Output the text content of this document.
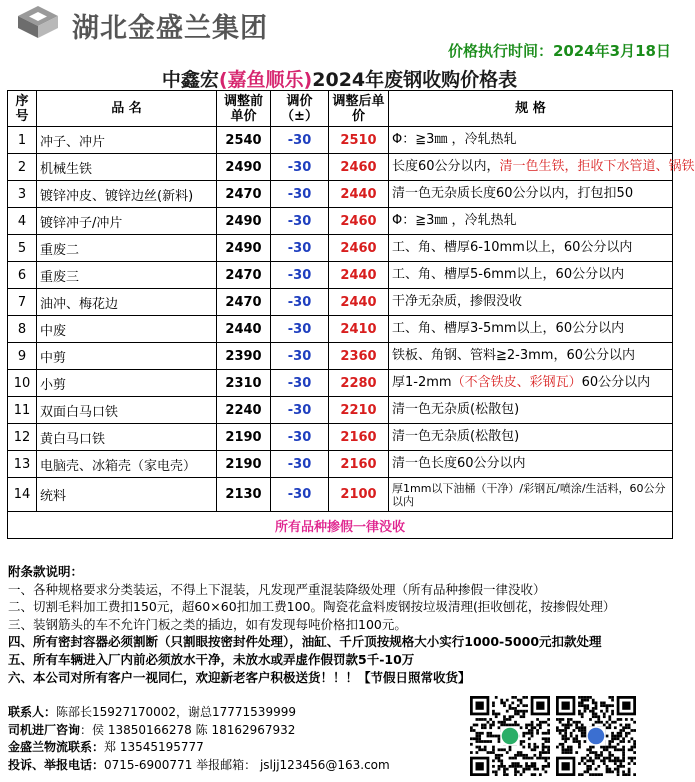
湖北金盛兰集团
价格执行时间：2024年3月18日
中鑫宏(嘉鱼顺乐)2024年废钢收购价格表
序号	品 名	调整前单价	调价（±）	调整后单价	规 格
1	冲子、冲片	2540	-30	2510	Φ：≧3㎜ ，冷轧热轧
2	机械生铁	2490	-30	2460	长度60公分以内，清一色生铁，拒收下水管道、锅铁
3	镀锌冲皮、镀锌边丝(新料)	2470	-30	2440	清一色无杂质长度60公分以内，打包扣50
4	镀锌冲子/冲片	2490	-30	2460	Φ：≧3㎜ ，冷轧热轧
5	重废二	2490	-30	2460	工、角、槽厚6-10mm以上，60公分以内
6	重废三	2470	-30	2440	工、角、槽厚5-6mm以上，60公分以内
7	油冲、梅花边	2470	-30	2440	干净无杂质，掺假没收
8	中废	2440	-30	2410	工、角、槽厚3-5mm以上，60公分以内
9	中剪	2390	-30	2360	铁板、角钢、管料≧2-3mm，60公分以内
10	小剪	2310	-30	2280	厚1-2mm（不含铁皮、彩钢瓦）60公分以内
11	双面白马口铁	2240	-30	2210	清一色无杂质(松散包)
12	黄白马口铁	2190	-30	2160	清一色无杂质(松散包)
13	电脑壳、冰箱壳（家电壳）	2190	-30	2160	清一色长度60公分以内
14	统料	2130	-30	2100	厚1mm以下油桶（干净）/彩钢瓦/喷涂/生活料，60公分以内
所有品种掺假一律没收					
附条款说明：
一、各种规格要求分类装运，不得上下混装，凡发现严重混装降级处理（所有品种掺假一律没收）
二、切割毛料加工费扣150元，超60×60扣加工费100。陶瓷花盒料废钢按垃圾清理(拒收刨花，按掺假处理）
三、装钢筋头的车不允许门板之类的插边，如有发现每吨价格扣100元。
四、所有密封容器必须割断（只割眼按密封件处理），油缸、千斤顶按规格大小实行1000-5000元扣款处理
五、所有车辆进入厂内前必须放水干净，未放水或弄虚作假罚款5千-10万
六、本公司对所有客户一视同仁，欢迎新老客户积极送货！！！【节假日照常收货】
联系人：陈部长15927170002，谢总17771539999
司机进厂咨询：侯 13850166278 陈 18162967932
金盛兰物流联系：郑 13545195777
投诉、举报电话：0715-6900771 举报邮箱： jsljj123456@163.com
